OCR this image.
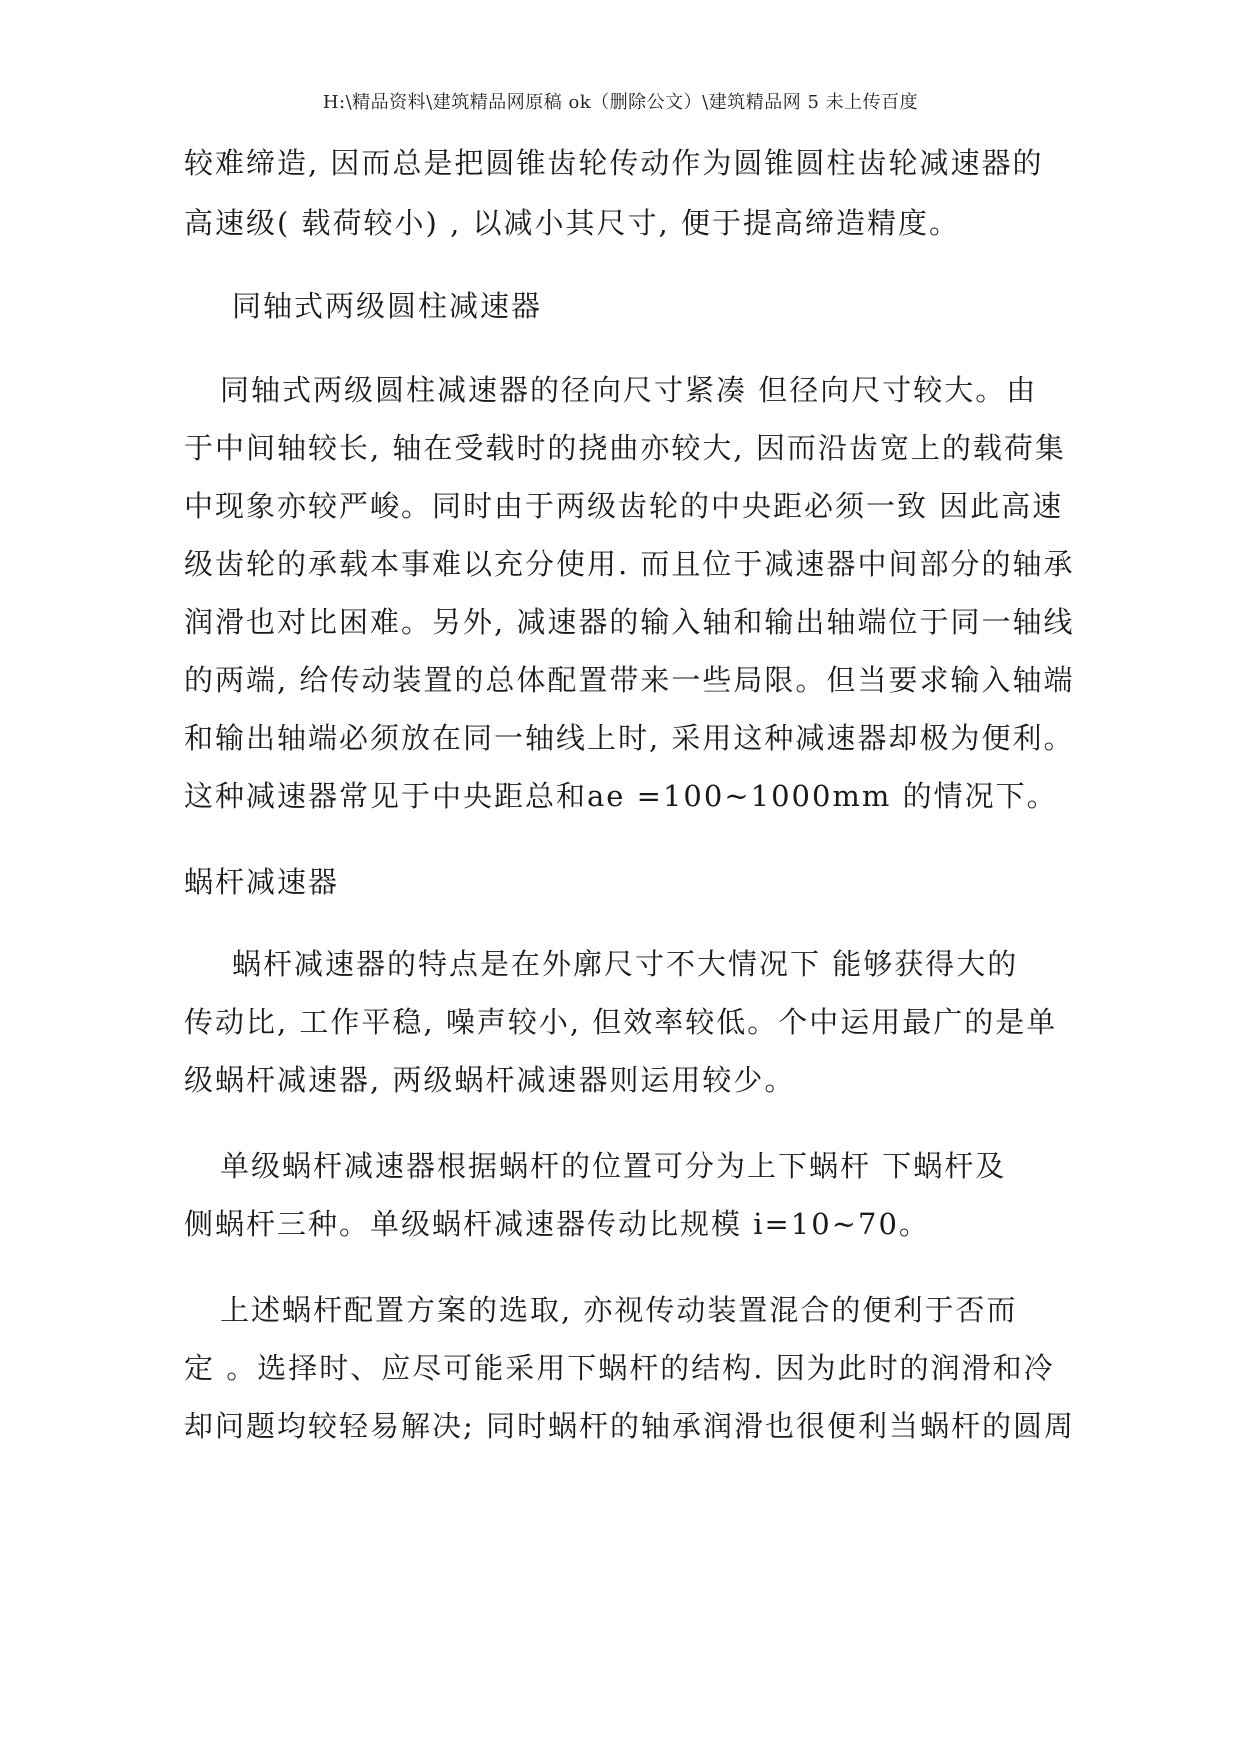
H:\精品资料\建筑精品网原稿 ok（删除公文）\建筑精品网 5 未上传百度
较难缔造, 因而总是把圆锥齿轮传动作为圆锥圆柱齿轮减速器的
高速级( 载荷较小) , 以减小其尺寸, 便于提高缔造精度。
同轴式两级圆柱减速器
同轴式两级圆柱减速器的径向尺寸紧凑 但径向尺寸较大。由
于中间轴较长, 轴在受载时的挠曲亦较大, 因而沿齿宽上的载荷集
中现象亦较严峻。同时由于两级齿轮的中央距必须一致 因此高速
级齿轮的承载本事难以充分使用. 而且位于减速器中间部分的轴承
润滑也对比困难。另外, 减速器的输入轴和输出轴端位于同一轴线
的两端, 给传动装置的总体配置带来一些局限。但当要求输入轴端
和输出轴端必须放在同一轴线上时, 采用这种减速器却极为便利。
这种减速器常见于中央距总和ae =100~1000mm 的情况下。
蜗杆减速器
蜗杆减速器的特点是在外廓尺寸不大情况下 能够获得大的
传动比, 工作平稳, 噪声较小, 但效率较低。个中运用最广的是单
级蜗杆减速器, 两级蜗杆减速器则运用较少。
单级蜗杆减速器根据蜗杆的位置可分为上下蜗杆 下蜗杆及
侧蜗杆三种。单级蜗杆减速器传动比规模 i=10~70。
上述蜗杆配置方案的选取, 亦视传动装置混合的便利于否而
定 。选择时、应尽可能采用下蜗杆的结构. 因为此时的润滑和冷
却问题均较轻易解决; 同时蜗杆的轴承润滑也很便利当蜗杆的圆周
